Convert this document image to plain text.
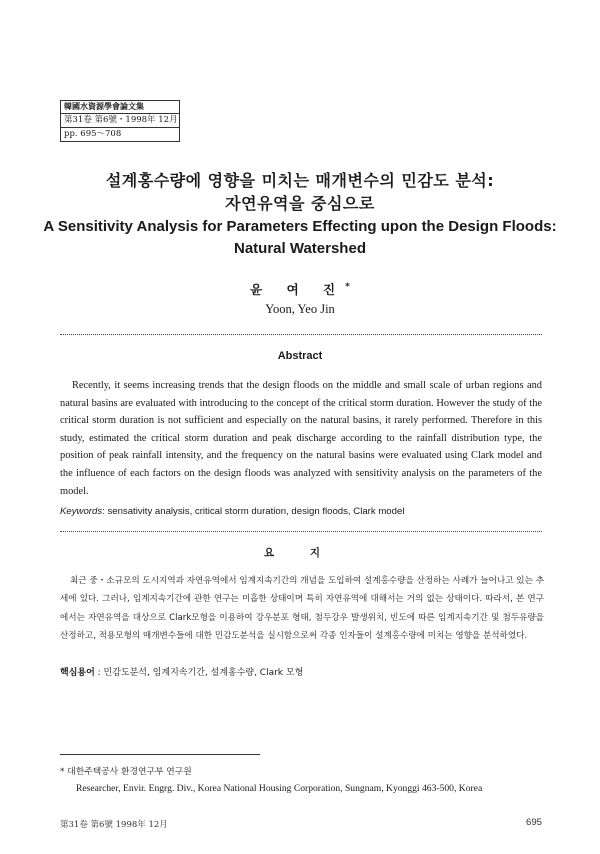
韓國水資源學會論文集
第31卷 第6號・1998年 12月
pp. 695～708
설계홍수량에 영향을 미치는 매개변수의 민감도 분석:
자연유역을 중심으로
A Sensitivity Analysis for Parameters Effecting upon the Design Floods:
Natural Watershed
윤 여 진*
Yoon, Yeo Jin
Abstract

Recently, it seems increasing trends that the design floods on the middle and small scale of urban regions and natural basins are evaluated with introducing to the concept of the critical storm duration. However the study of the critical storm duration is not sufficient and especially on the natural basins, it rarely performed. Therefore in this study, estimated the critical storm duration and peak discharge according to the rainfall distribution type, the position of peak rainfall intensity, and the frequency on the natural basins were evaluated using Clark model and the influence of each factors on the design floods was analyzed with sensitivity analysis on the parameters of the model.

Keywords: sensativity analysis, critical storm duration, design floods, Clark model
요 지

최근 중・소규모의 도시지역과 자연유역에서 임계지속기간의 개념을 도입하여 설계홍수량을 산정하는 사례가 늘어나고 있는 추세에 있다. 그러나, 임계지속기간에 관한 연구는 미흡한 상태이며 특히 자연유역에 대해서는 거의 없는 상태이다. 따라서, 본 연구에서는 자연유역을 대상으로 Clark모형을 이용하여 강우분포 형태, 첨두강우 발생위치, 빈도에 따른 임계지속기간 및 첨두유량을 산정하고, 적용모형의 매개변수들에 대한 민감도분석을 실시함으로써 각종 인자들이 설계홍수량에 미치는 영향을 분석하였다.

핵심용어 : 민감도분석, 임계지속기간, 설계홍수량, Clark 모형
* 대한주택공사 환경연구부 연구원
Researcher, Envir. Engrg. Div., Korea National Housing Corporation, Sungnam, Kyonggi 463-500, Korea
第31卷 第6號 1998年 12月	695
